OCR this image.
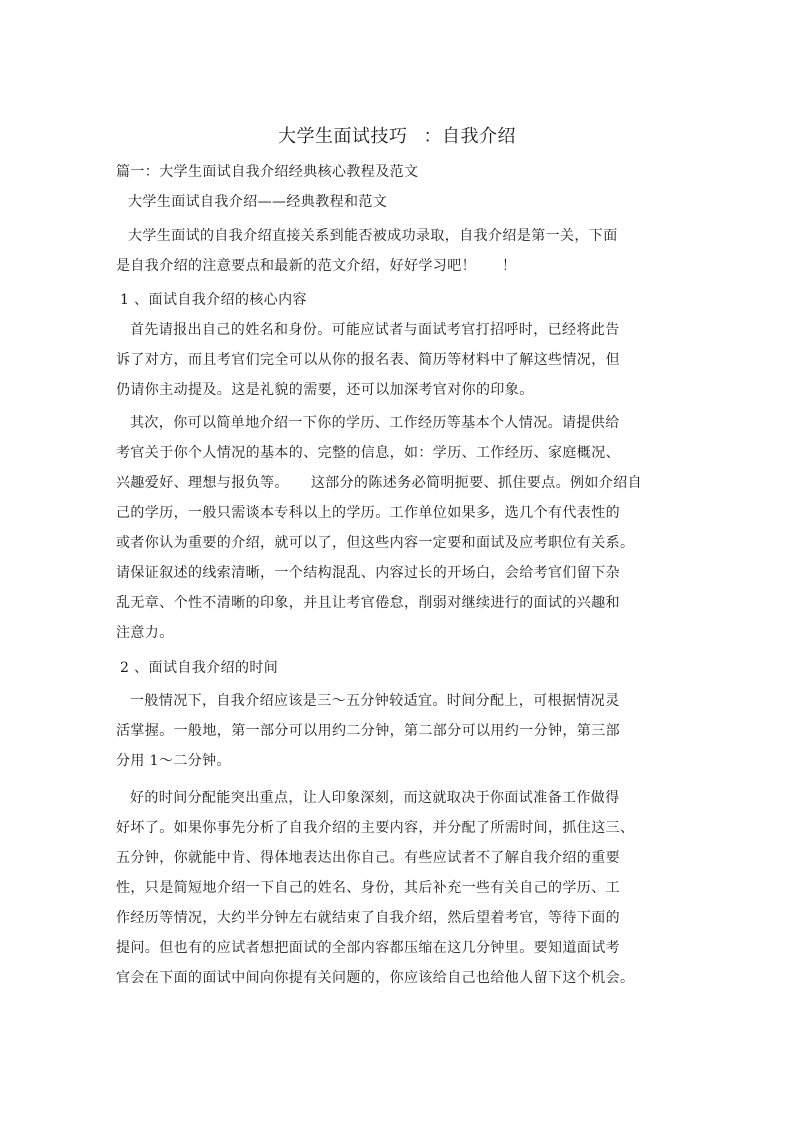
大学生面试技巧 ：自我介绍
篇一：大学生面试自我介绍经典核心教程及范文
大学生面试自我介绍——经典教程和范文
大学生面试的自我介绍直接关系到能否被成功录取，自我介绍是第一关，下面
是自我介绍的注意要点和最新的范文介绍，好好学习吧！ ！
1 、面试自我介绍的核心内容
首先请报出自己的姓名和身份。可能应试者与面试考官打招呼时，已经将此告
诉了对方，而且考官们完全可以从你的报名表、简历等材料中了解这些情况，但
仍请你主动提及。这是礼貌的需要，还可以加深考官对你的印象。
其次，你可以简单地介绍一下你的学历、工作经历等基本个人情况。请提供给
考官关于你个人情况的基本的、完整的信息，如：学历、工作经历、家庭概况、
兴趣爱好、理想与报负等。 这部分的陈述务必简明扼要、抓住要点。例如介绍自
己的学历，一般只需谈本专科以上的学历。工作单位如果多，选几个有代表性的
或者你认为重要的介绍，就可以了，但这些内容一定要和面试及应考职位有关系。
请保证叙述的线索清晰，一个结构混乱、内容过长的开场白，会给考官们留下杂
乱无章、个性不清晰的印象，并且让考官倦怠，削弱对继续进行的面试的兴趣和
注意力。
2 、面试自我介绍的时间
一般情况下，自我介绍应该是三～五分钟较适宜。时间分配上，可根据情况灵
活掌握。一般地，第一部分可以用约二分钟，第二部分可以用约一分钟，第三部
分用 1～二分钟。
好的时间分配能突出重点，让人印象深刻，而这就取决于你面试准备工作做得
好坏了。如果你事先分析了自我介绍的主要内容，并分配了所需时间，抓住这三、
五分钟，你就能中肯、得体地表达出你自己。有些应试者不了解自我介绍的重要
性，只是简短地介绍一下自己的姓名、身份，其后补充一些有关自己的学历、工
作经历等情况，大约半分钟左右就结束了自我介绍，然后望着考官，等待下面的
提问。但也有的应试者想把面试的全部内容都压缩在这几分钟里。要知道面试考
官会在下面的面试中间向你提有关问题的，你应该给自己也给他人留下这个机会。
